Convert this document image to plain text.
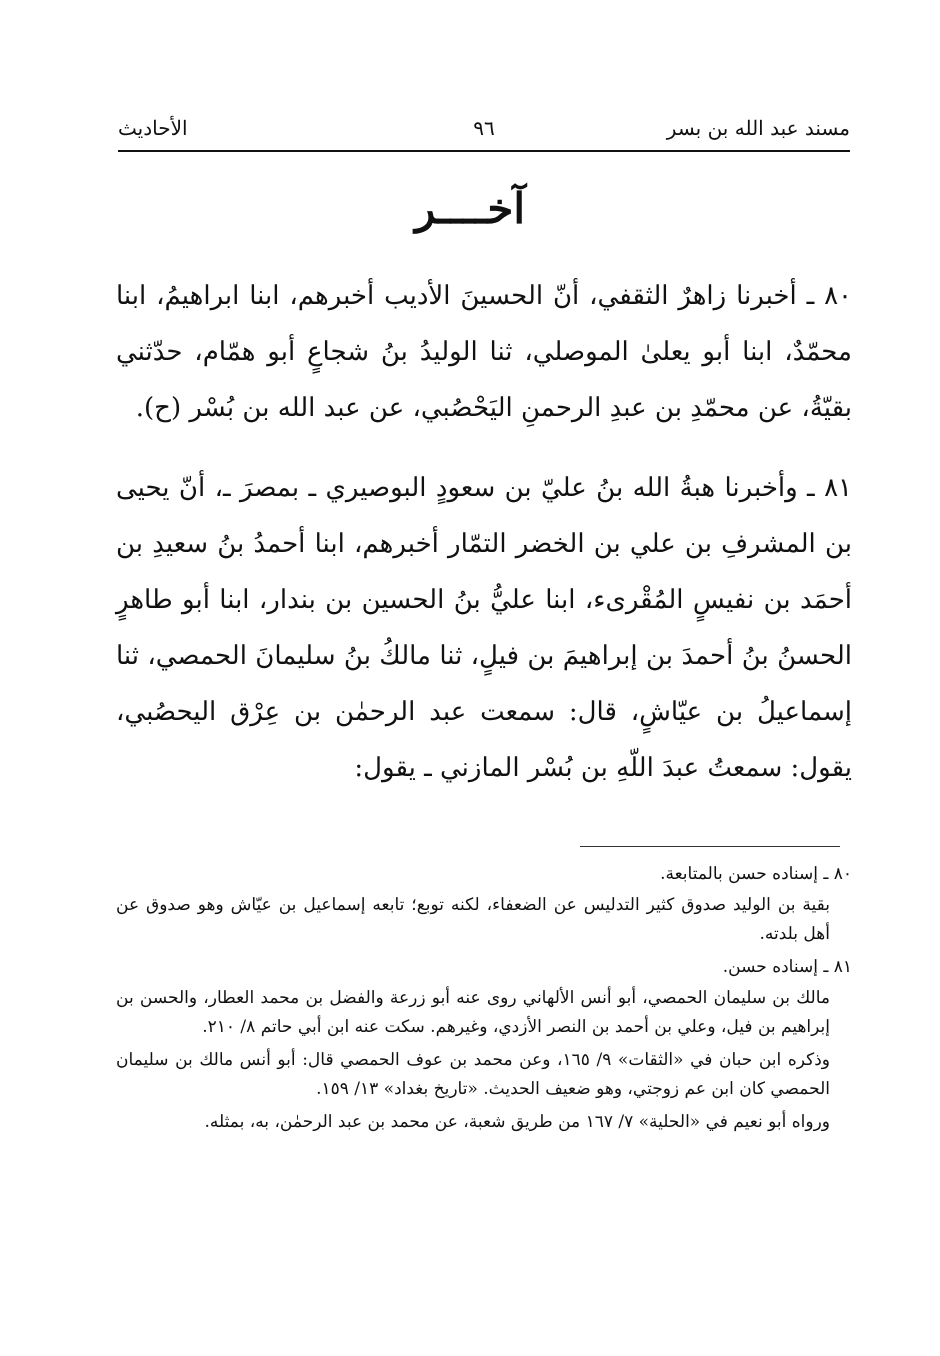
مسند عبد الله بن بسر
٩٦
الأحاديث
آخــــر

٨٠ ـ أخبرنا زاهرٌ الثقفي، أنّ الحسينَ الأديب أخبرهم، ابنا ابراهيمُ، ابنا محمّدٌ، ابنا أبو يعلىٰ الموصلي، ثنا الوليدُ بنُ شجاعٍ أبو همّام، حدّثني بقيّةُ، عن محمّدِ بن عبدِ الرحمنِ اليَحْصُبي، عن عبد الله بن بُسْر (ح).

٨١ ـ وأخبرنا هبةُ الله بنُ عليّ بن سعودٍ البوصيري ـ بمصرَ ـ، أنّ يحيى بن المشرفِ بن علي بن الخضر التمّار أخبرهم، ابنا أحمدُ بنُ سعيدِ بن أحمَد بن نفيسٍ المُقْرىء، ابنا عليُّ بنُ الحسين بن بندار، ابنا أبو طاهرٍ الحسنُ بنُ أحمدَ بن إبراهيمَ بن فيلٍ، ثنا مالكُ بنُ سليمانَ الحمصي، ثنا إسماعيلُ بن عيّاشٍ، قال: سمعت عبد الرحمٰن بن عِرْق اليحصُبي، يقول: سمعتُ عبدَ اللّهِ بن بُسْر المازني ـ يقول:

٨٠ ـ إسناده حسن بالمتابعة.

بقية بن الوليد صدوق كثير التدليس عن الضعفاء، لكنه توبع؛ تابعه إسماعيل بن عيّاش وهو صدوق عن أهل بلدته.

٨١ ـ إسناده حسن.

مالك بن سليمان الحمصي، أبو أنس الألهاني روى عنه أبو زرعة والفضل بن محمد العطار، والحسن بن إبراهيم بن فيل، وعلي بن أحمد بن النصر الأزدي، وغيرهم. سكت عنه ابن أبي حاتم ٨/ ٢١٠.

وذكره ابن حبان في «الثقات» ٩/ ١٦٥، وعن محمد بن عوف الحمصي قال: أبو أنس مالك بن سليمان الحمصي كان ابن عم زوجتي، وهو ضعيف الحديث. «تاريخ بغداد» ١٣/ ١٥٩.

ورواه أبو نعيم في «الحلية» ٧/ ١٦٧ من طريق شعبة، عن محمد بن عبد الرحمٰن، به، بمثله.
